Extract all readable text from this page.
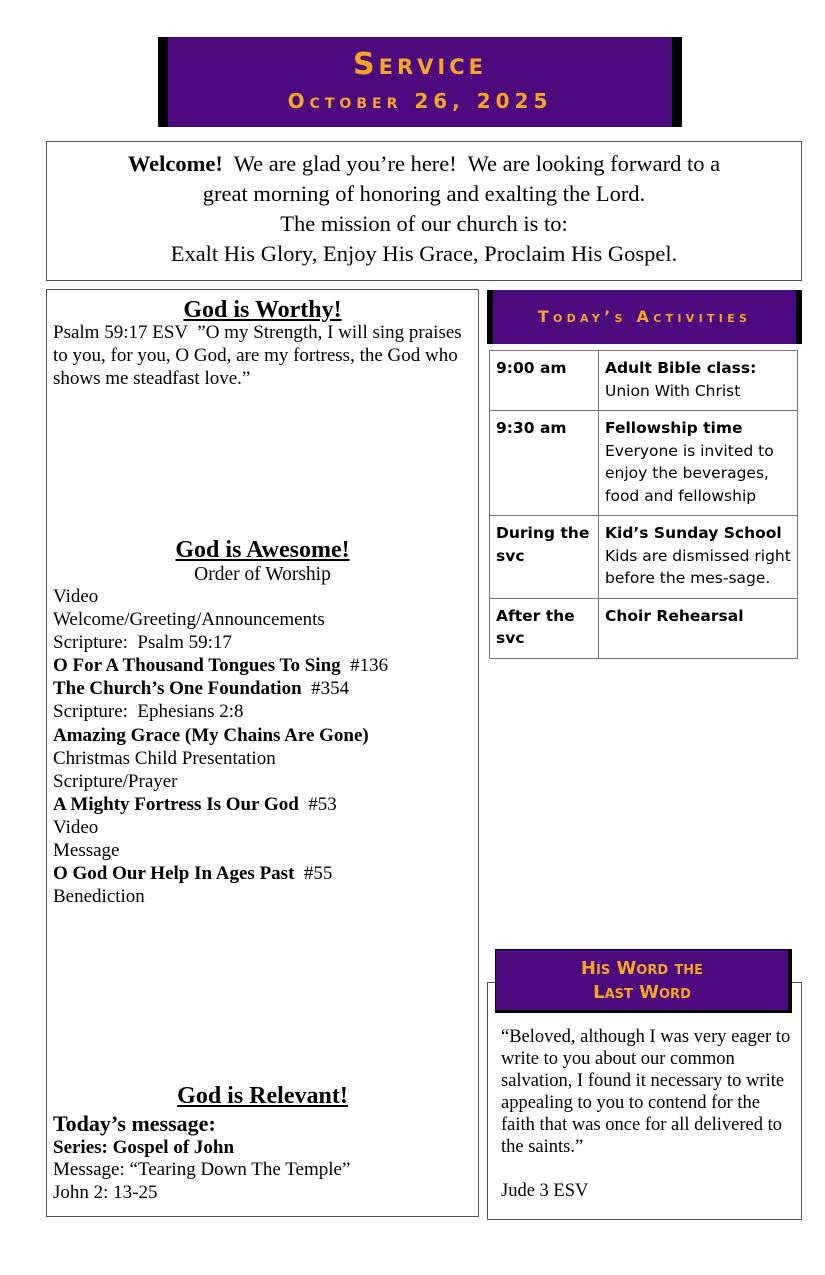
Service
October 26, 2025
Welcome!  We are glad you’re here!  We are looking forward to a
great morning of honoring and exalting the Lord.
The mission of our church is to:
Exalt His Glory, Enjoy His Grace, Proclaim His Gospel.
God is Worthy!
Psalm 59:17 ESV  ”O my Strength, I will sing praises to you, for you, O God, are my fortress, the God who shows me steadfast love.”
God is Awesome!
Order of Worship
Video
Welcome/Greeting/Announcements
Scripture:  Psalm 59:17
O For A Thousand Tongues To Sing  #136
The Church’s One Foundation  #354
Scripture:  Ephesians 2:8
Amazing Grace (My Chains Are Gone)
Christmas Child Presentation
Scripture/Prayer
A Mighty Fortress Is Our God  #53
Video
Message
O God Our Help In Ages Past  #55
Benediction
God is Relevant!
Today’s message:
Series: Gospel of John
Message: “Tearing Down The Temple”
John 2: 13-25
Today’s Activities
9:00 am	Adult Bible class:
Union With Christ

9:30 am	Fellowship time
Everyone is invited to enjoy the beverages, food and fellowship

During the svc	Kid’s Sunday School
Kids are dismissed right before the mes-sage.

After the svc	Choir Rehearsal
His Word the
Last Word
“Beloved, although I was very eager to write to you about our common salvation, I found it necessary to write appealing to you to contend for the faith that was once for all delivered to the saints.”
Jude 3 ESV
